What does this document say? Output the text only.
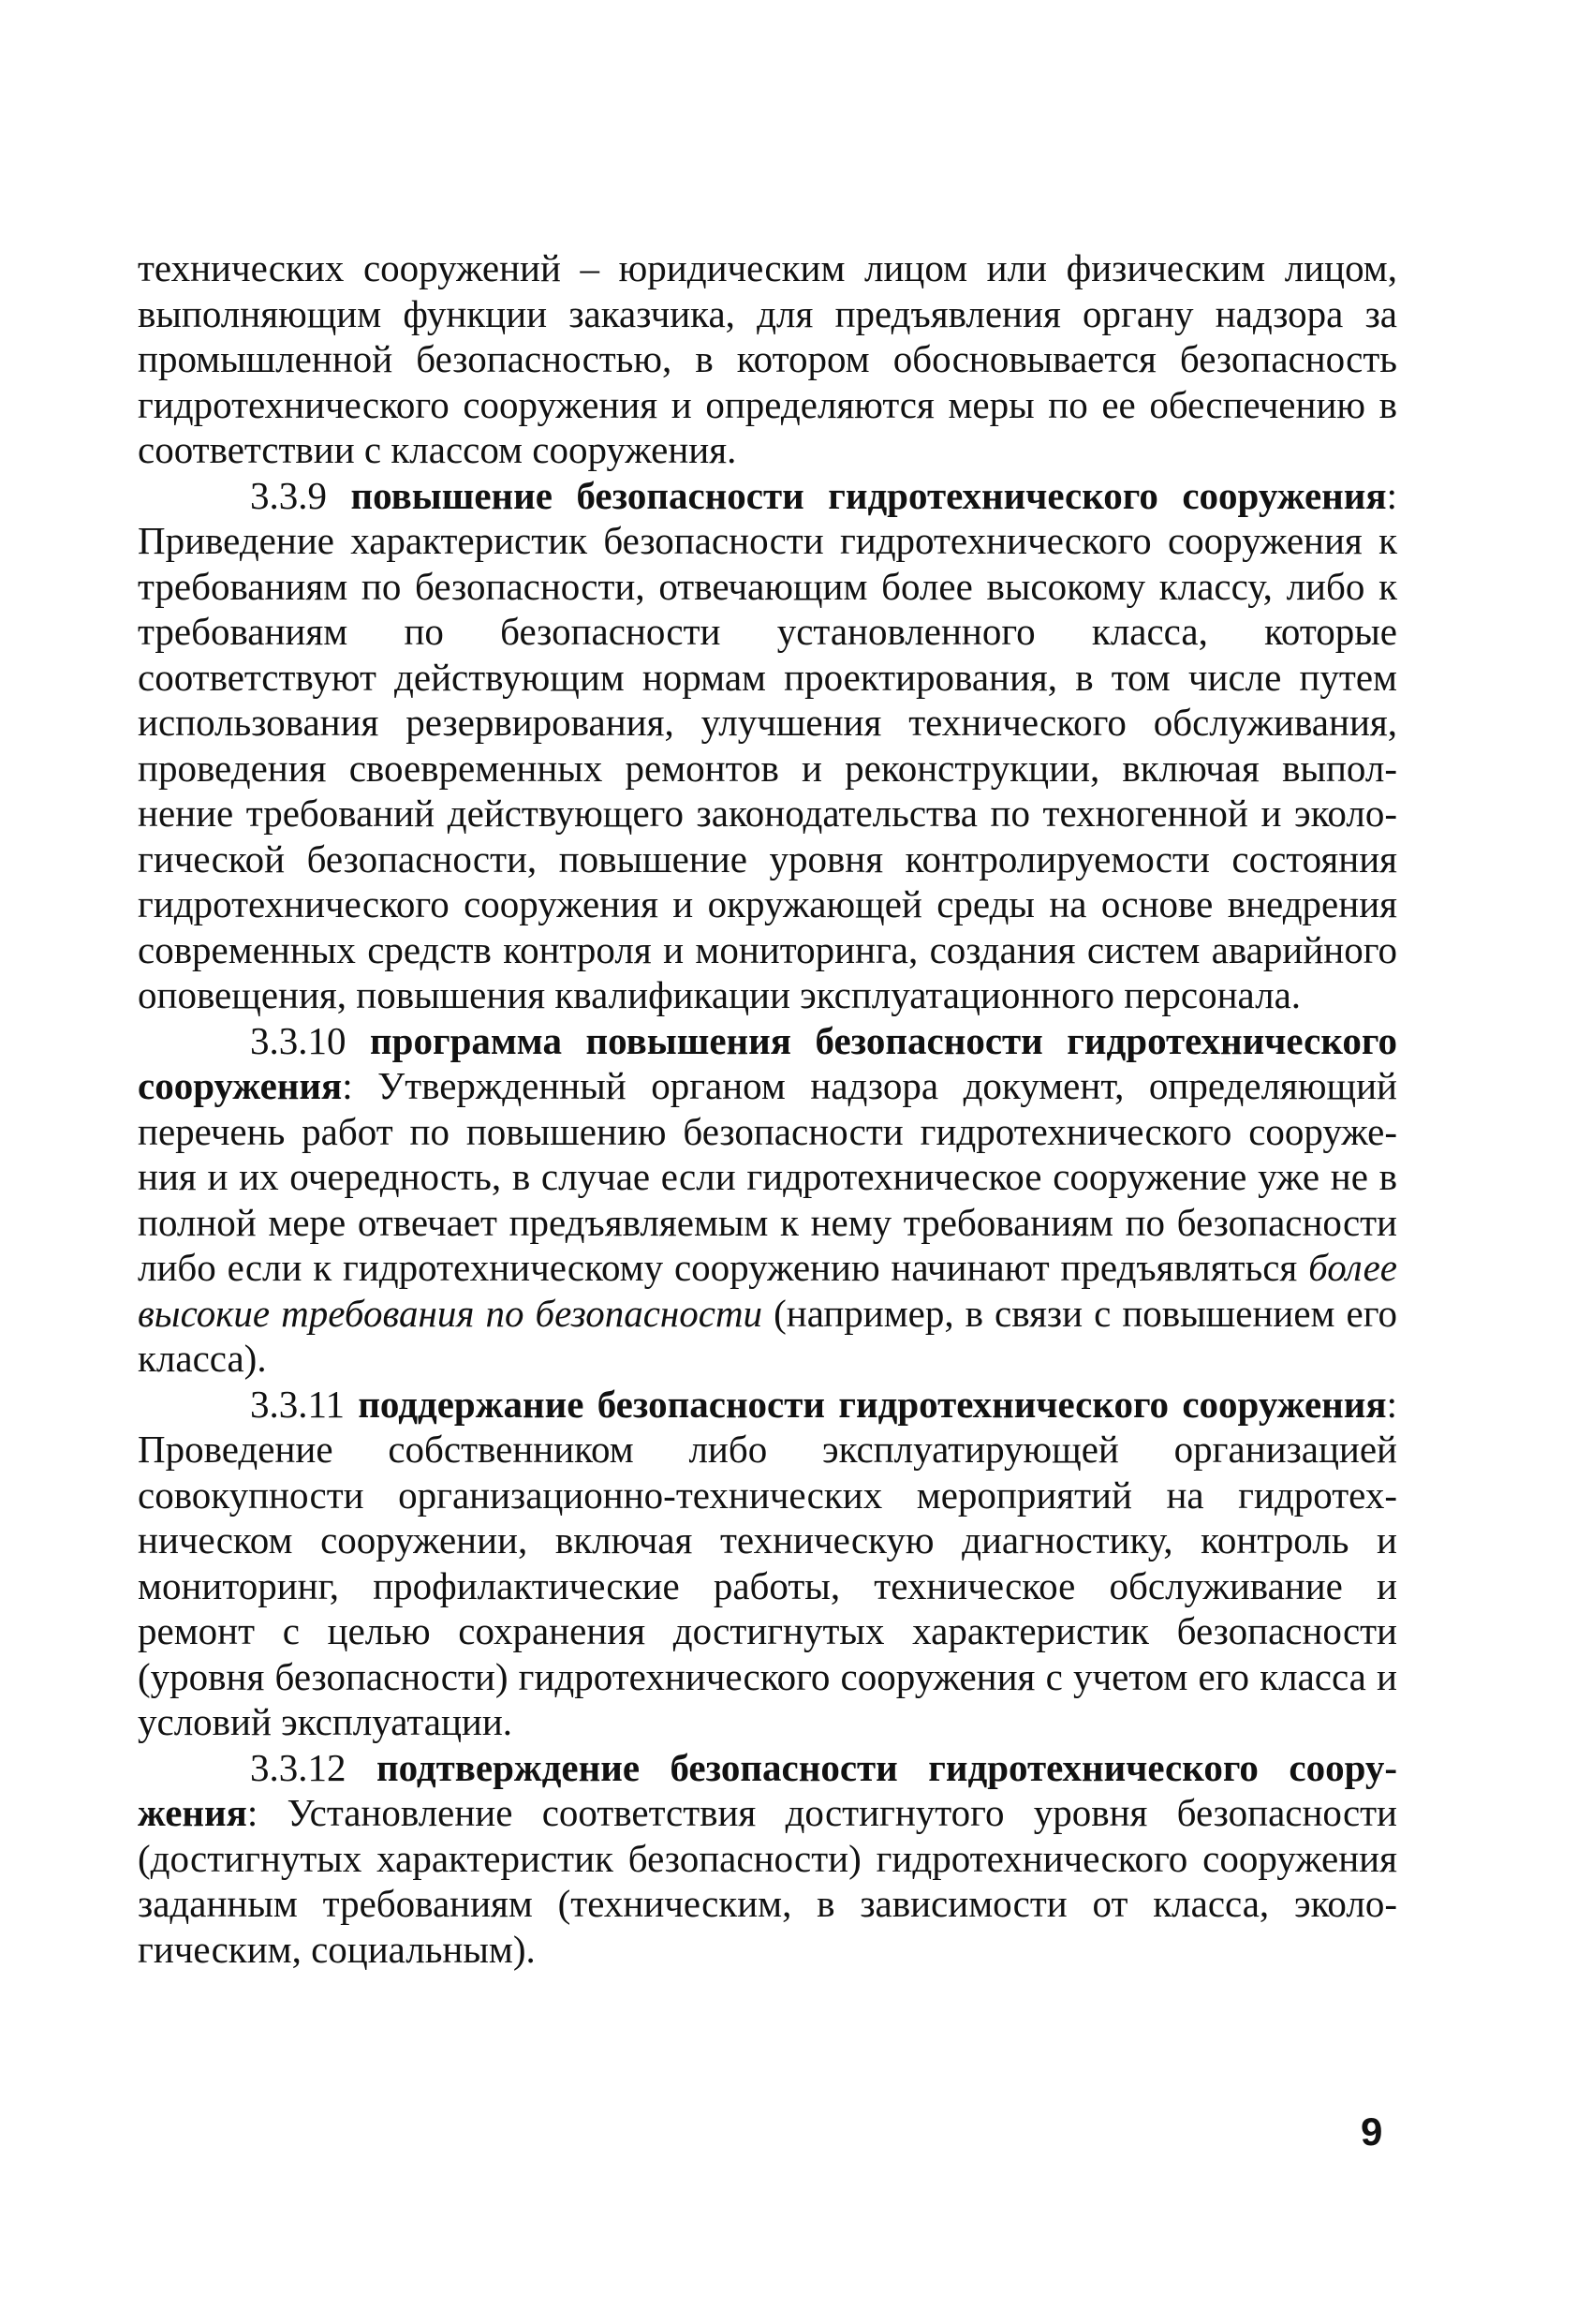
технических сооружений – юридическим лицом или физическим лицом, выполняющим функции заказчика, для предъявления органу надзора за промышленной безопасностью, в котором обосновывается безопасность гидротехнического сооружения и определяются меры по ее обеспечению в соответствии с классом сооружения.

3.3.9 повышение безопасности гидротехнического сооружения: Приведение характеристик безопасности гидротехнического сооружения к требованиям по безопасности, отвечающим более высокому классу, либо к требованиям по безопасности установленного класса, которые соответствуют действующим нормам проектирования, в том числе путем использования резервирования, улучшения технического обслуживания, проведения своевременных ремонтов и реконструкции, включая выполнение требований действующего законодательства по техногенной и экологической безопасности, повышение уровня контролируемости состояния гидротехнического сооружения и окружающей среды на основе внедрения современных средств контроля и мониторинга, создания систем аварийного оповещения, повышения квалификации эксплуатационного персонала.

3.3.10 программа повышения безопасности гидротехнического сооружения: Утвержденный органом надзора документ, определяющий перечень работ по повышению безопасности гидротехнического сооружения и их очередность, в случае если гидротехническое сооружение уже не в полной мере отвечает предъявляемым к нему требованиям по безопасности либо если к гидротехническому сооружению начинают предъявляться более высокие требования по безопасности (например, в связи с повышением его класса).

3.3.11 поддержание безопасности гидротехнического сооружения: Проведение собственником либо эксплуатирующей организацией совокупности организационно-технических мероприятий на гидротехническом сооружении, включая техническую диагностику, контроль и мониторинг, профилактические работы, техническое обслуживание и ремонт с целью сохранения достигнутых характеристик безопасности (уровня безопасности) гидротехнического сооружения с учетом его класса и условий эксплуатации.

3.3.12 подтверждение безопасности гидротехнического сооружения: Установление соответствия достигнутого уровня безопасности (достигнутых характеристик безопасности) гидротехнического сооружения заданным требованиям (техническим, в зависимости от класса, экологическим, социальным).

9
